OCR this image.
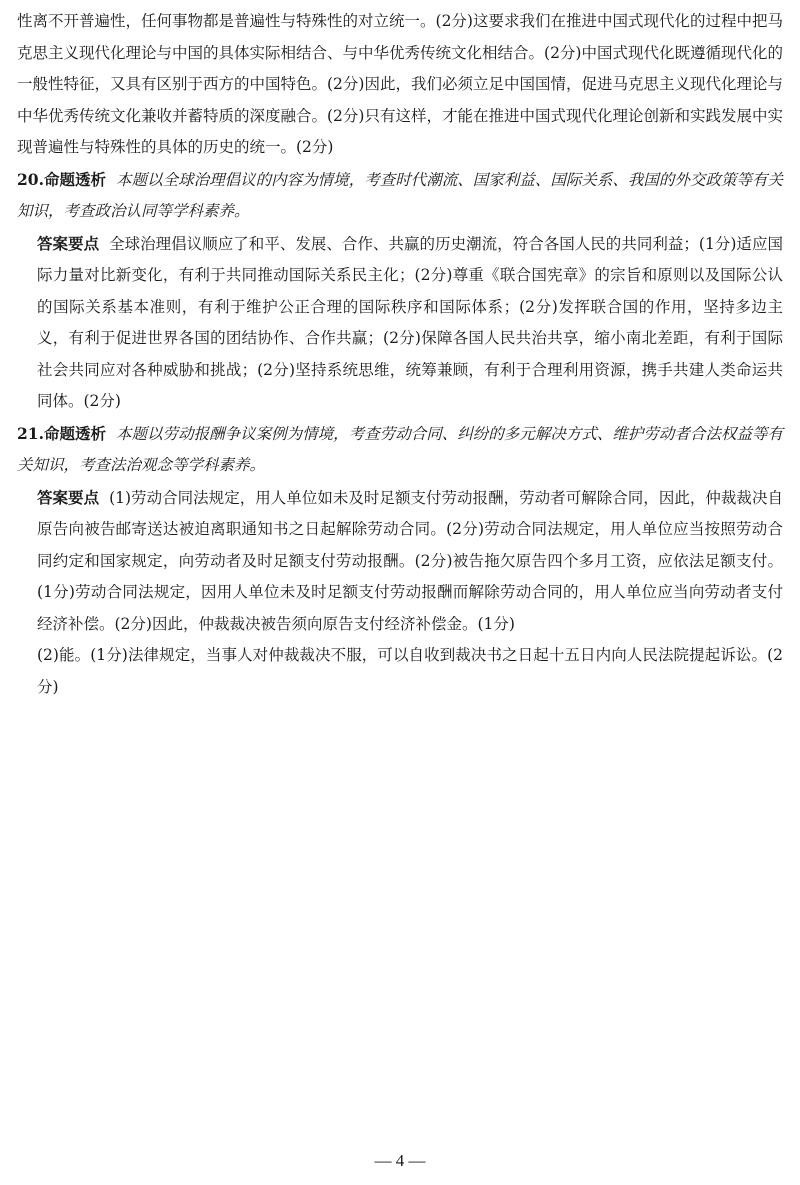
性离不开普遍性，任何事物都是普遍性与特殊性的对立统一。(2分)这要求我们在推进中国式现代化的过程中把马克思主义现代化理论与中国的具体实际相结合、与中华优秀传统文化相结合。(2分)中国式现代化既遵循现代化的一般性特征，又具有区别于西方的中国特色。(2分)因此，我们必须立足中国国情，促进马克思主义现代化理论与中华优秀传统文化兼收并蓄特质的深度融合。(2分)只有这样，才能在推进中国式现代化理论创新和实践发展中实现普遍性与特殊性的具体的历史的统一。(2分)

20.命题透析 本题以全球治理倡议的内容为情境，考查时代潮流、国家利益、国际关系、我国的外交政策等有关知识，考查政治认同等学科素养。

答案要点 全球治理倡议顺应了和平、发展、合作、共赢的历史潮流，符合各国人民的共同利益；(1分)适应国际力量对比新变化，有利于共同推动国际关系民主化；(2分)尊重《联合国宪章》的宗旨和原则以及国际公认的国际关系基本准则，有利于维护公正合理的国际秩序和国际体系；(2分)发挥联合国的作用，坚持多边主义，有利于促进世界各国的团结协作、合作共赢；(2分)保障各国人民共治共享，缩小南北差距，有利于国际社会共同应对各种威胁和挑战；(2分)坚持系统思维，统筹兼顾，有利于合理利用资源，携手共建人类命运共同体。(2分)

21.命题透析 本题以劳动报酬争议案例为情境，考查劳动合同、纠纷的多元解决方式、维护劳动者合法权益等有关知识，考查法治观念等学科素养。

答案要点 (1)劳动合同法规定，用人单位如未及时足额支付劳动报酬，劳动者可解除合同，因此，仲裁裁决自原告向被告邮寄送达被迫离职通知书之日起解除劳动合同。(2分)劳动合同法规定，用人单位应当按照劳动合同约定和国家规定，向劳动者及时足额支付劳动报酬。(2分)被告拖欠原告四个多月工资，应依法足额支付。(1分)劳动合同法规定，因用人单位未及时足额支付劳动报酬而解除劳动合同的，用人单位应当向劳动者支付经济补偿。(2分)因此，仲裁裁决被告须向原告支付经济补偿金。(1分)

(2)能。(1分)法律规定，当事人对仲裁裁决不服，可以自收到裁决书之日起十五日内向人民法院提起诉讼。(2分)

— 4 —
